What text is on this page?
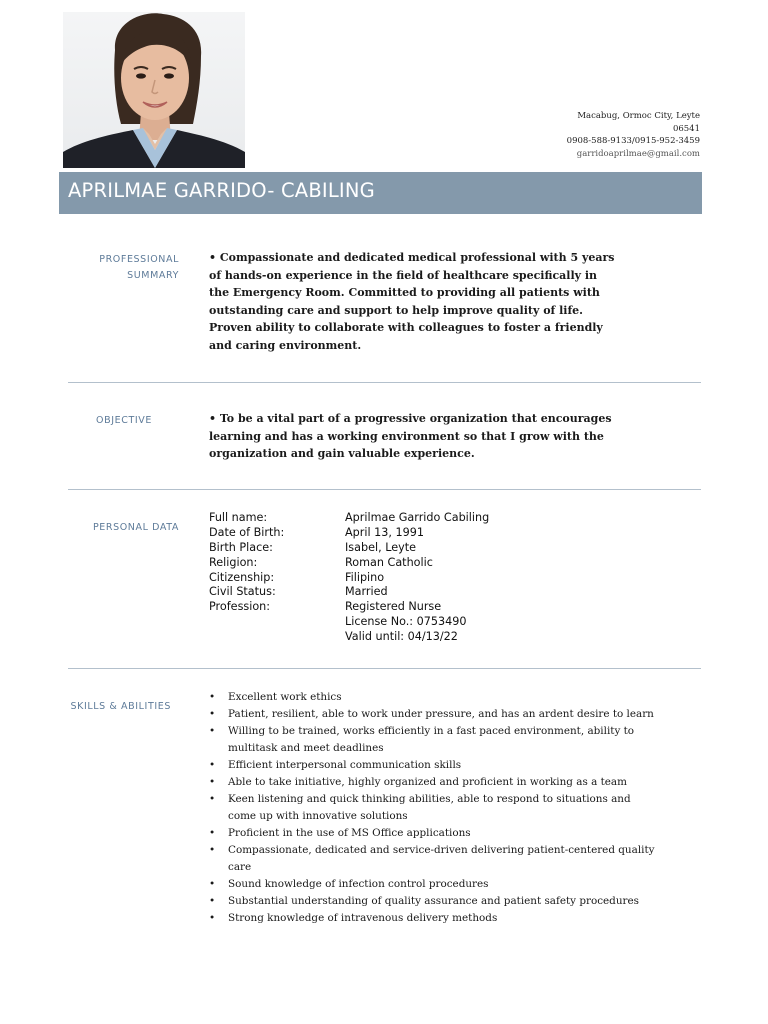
Macabug, Ormoc City, Leyte
06541
0908-588-9133/0915-952-3459
garridoaprilmae@gmail.com
APRILMAE GARRIDO- CABILING
PROFESSIONAL
SUMMARY
• Compassionate and dedicated medical professional with 5 years
of hands-on experience in the field of healthcare specifically in
the Emergency Room. Committed to providing all patients with
outstanding care and support to help improve quality of life.
Proven ability to collaborate with colleagues to foster a friendly
and caring environment.
OBJECTIVE	• To be a vital part of a progressive organization that encourages
learning and has a working environment so that I grow with the
organization and gain valuable experience.
PERSONAL DATA
Full name:	Aprilmae Garrido Cabiling
Date of Birth:	April 13, 1991
Birth Place:	Isabel, Leyte
Religion:	Roman Catholic
Citizenship:	Filipino
Civil Status:	Married
Profession:	Registered Nurse
License No.: 0753490
Valid until: 04/13/22
SKILLS & ABILITIES
• Excellent work ethics
• Patient, resilient, able to work under pressure, and has an ardent desire to learn
• Willing to be trained, works efficiently in a fast paced environment, ability to
multitask and meet deadlines
• Efficient interpersonal communication skills
• Able to take initiative, highly organized and proficient in working as a team
• Keen listening and quick thinking abilities, able to respond to situations and
come up with innovative solutions
• Proficient in the use of MS Office applications
• Compassionate, dedicated and service-driven delivering patient-centered quality
care
• Sound knowledge of infection control procedures
• Substantial understanding of quality assurance and patient safety procedures
• Strong knowledge of intravenous delivery methods
